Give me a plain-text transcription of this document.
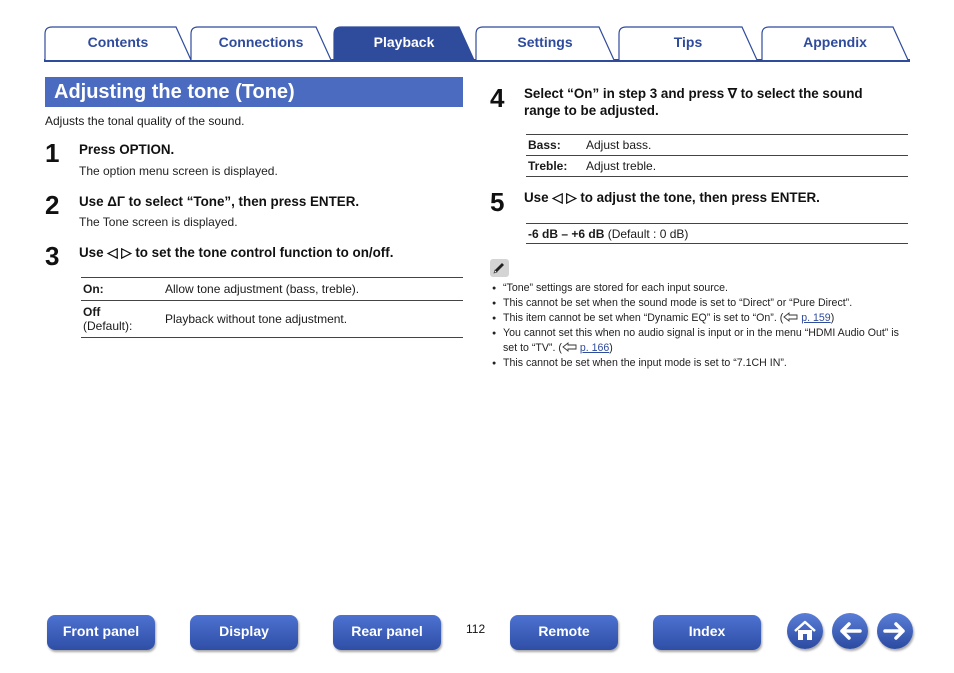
Contents	Connections	Playback	Settings	Tips	Appendix
Adjusting the tone (Tone)
Adjusts the tonal quality of the sound.
1 Press OPTION.
The option menu screen is displayed.
2 Use ΔΓ to select “Tone”, then press ENTER.
The Tone screen is displayed.
3 Use ◁ ▷ to set the tone control function to on/off.
On:	Allow tone adjustment (bass, treble).
Off
(Default):	Playback without tone adjustment.
4 Select “On” in step 3 and press ∇ to select the sound
range to be adjusted.
Bass:	Adjust bass.
Treble:	Adjust treble.
5 Use ◁ ▷ to adjust the tone, then press ENTER.
-6 dB – +6 dB (Default : 0 dB)
● “Tone” settings are stored for each input source.
● This cannot be set when the sound mode is set to “Direct” or “Pure Direct”.
● This item cannot be set when “Dynamic EQ” is set to “On”. ( p. 159)
● You cannot set this when no audio signal is input or in the menu “HDMI Audio Out” is set to “TV”. ( p. 166)
● This cannot be set when the input mode is set to “7.1CH IN”.
Front panel	Display	Rear panel	112	Remote	Index
